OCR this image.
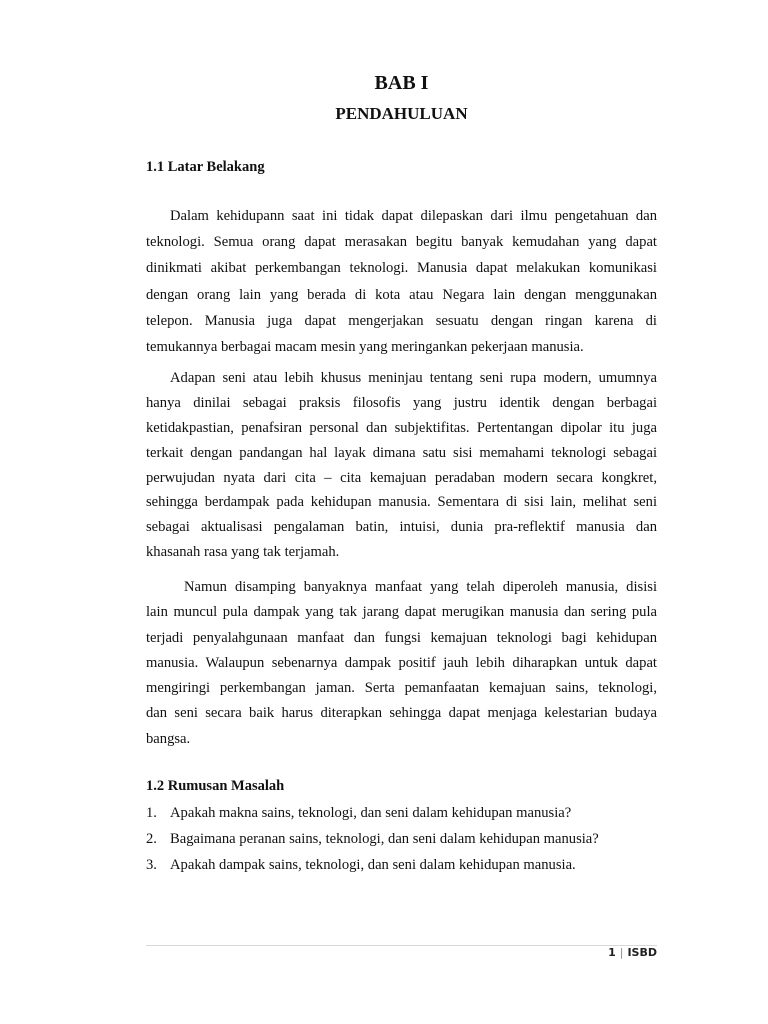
BAB I
PENDAHULUAN
1.1 Latar Belakang
Dalam kehidupann saat ini tidak dapat dilepaskan dari ilmu pengetahuan dan
teknologi. Semua orang dapat merasakan begitu banyak kemudahan yang dapat
dinikmati akibat perkembangan teknologi. Manusia dapat melakukan komunikasi
dengan orang lain yang berada di kota atau Negara lain dengan menggunakan
telepon. Manusia juga dapat mengerjakan sesuatu dengan ringan karena di
temukannya berbagai macam mesin yang meringankan pekerjaan manusia.
Adapan seni atau lebih khusus meninjau tentang seni rupa modern, umumnya
hanya dinilai sebagai praksis filosofis yang justru identik dengan berbagai
ketidakpastian, penafsiran personal dan subjektifitas. Pertentangan dipolar itu juga
terkait dengan pandangan hal layak dimana satu sisi memahami teknologi sebagai
perwujudan nyata dari cita – cita kemajuan peradaban modern secara kongkret,
sehingga berdampak pada kehidupan manusia. Sementara di sisi lain, melihat seni
sebagai aktualisasi pengalaman batin, intuisi, dunia pra-reflektif manusia dan
khasanah rasa yang tak terjamah.
Namun disamping banyaknya manfaat yang telah diperoleh manusia, disisi
lain muncul pula dampak yang tak jarang dapat merugikan manusia dan sering pula
terjadi penyalahgunaan manfaat dan fungsi kemajuan teknologi bagi kehidupan
manusia. Walaupun sebenarnya dampak positif jauh lebih diharapkan untuk dapat
mengiringi perkembangan jaman. Serta pemanfaatan kemajuan sains, teknologi,
dan seni secara baik harus diterapkan sehingga dapat menjaga kelestarian budaya
bangsa.
1.2 Rumusan Masalah
1. Apakah makna sains, teknologi, dan seni dalam kehidupan manusia?
2. Bagaimana peranan sains, teknologi, dan seni dalam kehidupan manusia?
3. Apakah dampak sains, teknologi, dan seni dalam kehidupan manusia.
1 | ISBD
